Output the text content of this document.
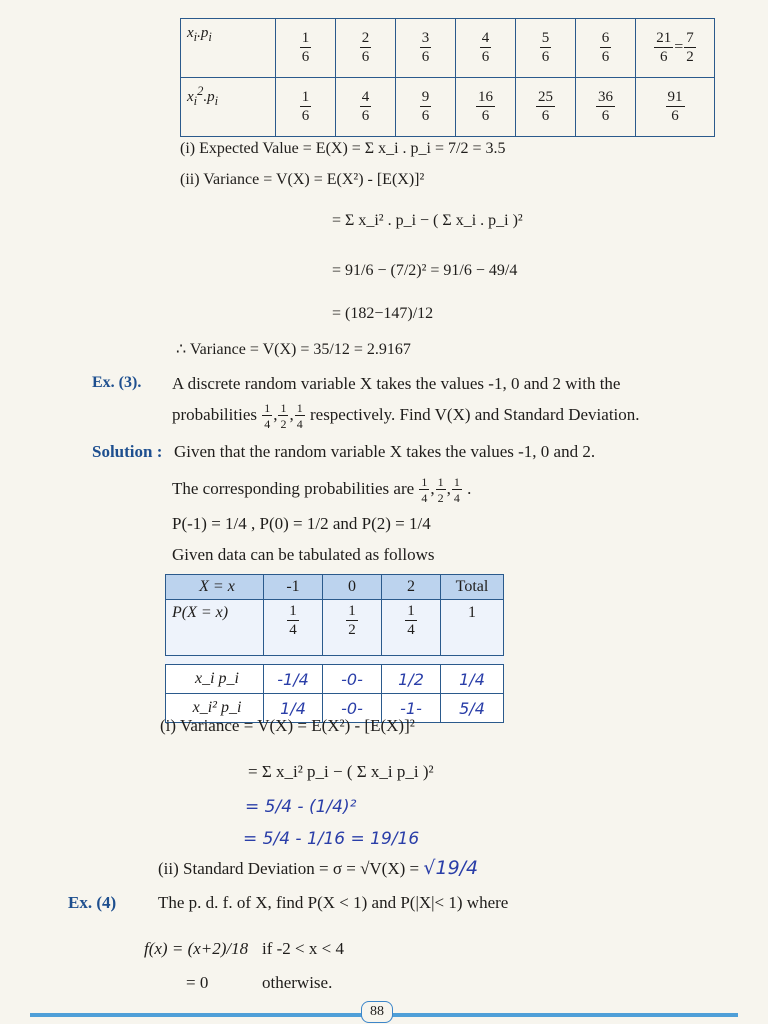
$x_i.p_i$	$\frac{1}{6}$	$\frac{2}{6}$	$\frac{3}{6}$	$\frac{4}{6}$	$\frac{5}{6}$	$\frac{6}{6}$	$\frac{21}{6} = \frac{7}{2}$

$x_i^2.p_i$	$\frac{1}{6}$	$\frac{4}{6}$	$\frac{9}{6}$	$\frac{16}{6}$	$\frac{25}{6}$	$\frac{36}{6}$	$\frac{91}{6}$
(i) Expected Value = E(X) = Σ x_i . p_i = 7/2 = 3.5
(ii) Variance = V(X) = E(X²) - [E(X)]²
= Σ x_i² . p_i − ( Σ x_i . p_i )²
= 91/6 − (7/2)² = 91/6 − 49/4
= (182−147)/12
∴ Variance = V(X) = 35/12 = 2.9167
Ex. (3). A discrete random variable X takes the values -1, 0 and 2 with the
probabilities $\frac{1}{4}$ , $\frac{1}{2}$ , $\frac{1}{4}$ respectively. Find V(X) and Standard Deviation.
Solution : Given that the random variable X takes the values -1, 0 and 2.
The corresponding probabilities are $\frac{1}{4}$ , $\frac{1}{2}$ , $\frac{1}{4}$ .
P(-1) = 1/4 , P(0) = 1/2 and P(2) = 1/4
Given data can be tabulated as follows
X = x	-1	0	2	Total
P(X = x)	$\frac{1}{4}$	$\frac{1}{2}$	$\frac{1}{4}$	1

x_i p_i	-1/4	-0-	1/2	1/4
x_i² p_i	1/4	-0-	-1-	5/4
(i) Variance = V(X) = E(X²) - [E(X)]²
= Σ x_i² p_i − ( Σ x_i p_i )²
= 5/4 - (1/4)²
= 5/4 - 1/16 = 19/16
(ii) Standard Deviation = σ = √V(X) = √19/4
Ex. (4) The p. d. f. of X, find P(X < 1) and P(|X|< 1) where
f(x) = (x+2)/18 if -2 < x < 4
= 0	otherwise.
88
